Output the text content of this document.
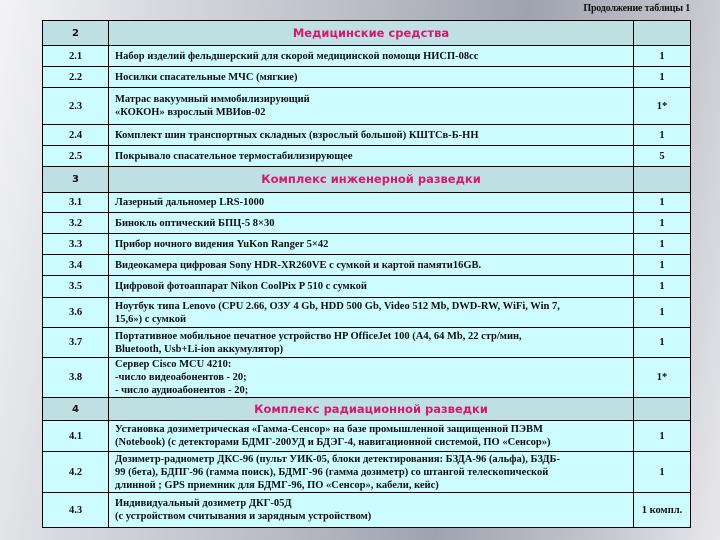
Продолжение таблицы 1
2	Медицинские средства	
2.1	Набор изделий фельдшерский для скорой медицинской помощи НИСП-08сс	1
2.2	Носилки спасательные МЧС (мягкие)	1
2.3	Матрас вакуумный иммобилизирующий
«КОКОН» взрослый МВИов-02	1*
2.4	Комплект шин транспортных складных (взрослый большой) КШТСв-Б-НН	1
2.5	Покрывало спасательное термостабилизирующее	5
3	Комплекс инженерной разведки	
3.1	Лазерный дальномер LRS-1000	1
3.2	Бинокль оптический БПЦ-5 8×30	1
3.3	Прибор ночного видения YuKon Ranger 5×42	1
3.4	Видеокамера цифровая Sony HDR-XR260VE с сумкой и картой памяти16GB.	1
3.5	Цифровой фотоаппарат Nikon CoolPix P 510 с сумкой	1
3.6	Ноутбук типа Lenovo (CPU 2.66, ОЗУ 4 Gb, HDD 500 Gb, Video 512 Mb, DWD-RW, WiFi, Win 7,
15,6») с сумкой	1
3.7	Портативное мобильное печатное устройство HP OfficeJet 100 (A4, 64 Mb, 22 стр/мин,
Bluetooth, Usb+Li-ion аккумулятор)	1
3.8	Сервер Cisco MCU 4210:
-число видеоабонентов - 20;
- число аудиоабонентов - 20;	1*
4	Комплекс радиационной разведки	
4.1	Установка дозиметрическая «Гамма-Сенсор» на базе промышленной защищенной ПЭВМ
(Notebook) (с детекторами БДМГ-200УД и БДЭГ-4, навигационной системой, ПО «Сенсор»)	1
4.2	Дозиметр-радиометр ДКС-96 (пульт УИК-05, блоки детектирования: БЗДА-96 (альфа), БЗДБ-
99 (бета), БДПГ-96 (гамма поиск), БДМГ-96 (гамма дозиметр) со штангой телескопической
длинной ; GPS приемник для БДМГ-96, ПО «Сенсор», кабели, кейс)	1
4.3	Индивидуальный дозиметр ДКГ-05Д
(с устройством считывания и зарядным устройством)	1 компл.
